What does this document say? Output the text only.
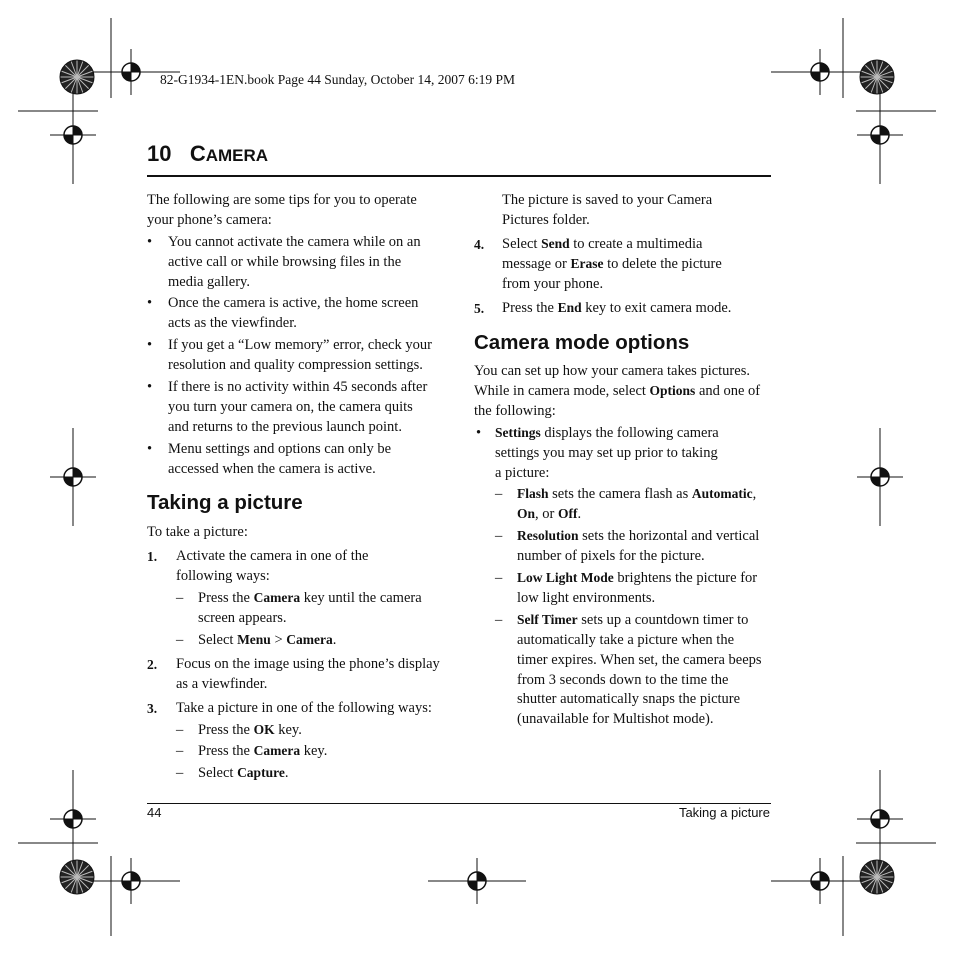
82-G1934-1EN.book Page 44 Sunday, October 14, 2007 6:19 PM
10 CAMERA
The following are some tips for you to operate
your phone’s camera:
• You cannot activate the camera while on an
active call or while browsing files in the
media gallery.
• Once the camera is active, the home screen
acts as the viewfinder.
• If you get a “Low memory” error, check your
resolution and quality compression settings.
• If there is no activity within 45 seconds after
you turn your camera on, the camera quits
and returns to the previous launch point.
• Menu settings and options can only be
accessed when the camera is active.
Taking a picture
To take a picture:
1. Activate the camera in one of the
following ways:
– Press the Camera key until the camera
screen appears.
– Select Menu > Camera.
2. Focus on the image using the phone’s display
as a viewfinder.
3. Take a picture in one of the following ways:
– Press the OK key.
– Press the Camera key.
– Select Capture.
The picture is saved to your Camera
Pictures folder.
4. Select Send to create a multimedia
message or Erase to delete the picture
from your phone.
5. Press the End key to exit camera mode.
Camera mode options
You can set up how your camera takes pictures.
While in camera mode, select Options and one of
the following:
• Settings displays the following camera
settings you may set up prior to taking
a picture:
– Flash sets the camera flash as Automatic,
On, or Off.
– Resolution sets the horizontal and vertical
number of pixels for the picture.
– Low Light Mode brightens the picture for
low light environments.
– Self Timer sets up a countdown timer to
automatically take a picture when the
timer expires. When set, the camera beeps
from 3 seconds down to the time the
shutter automatically snaps the picture
(unavailable for Multishot mode).
44	Taking a picture
